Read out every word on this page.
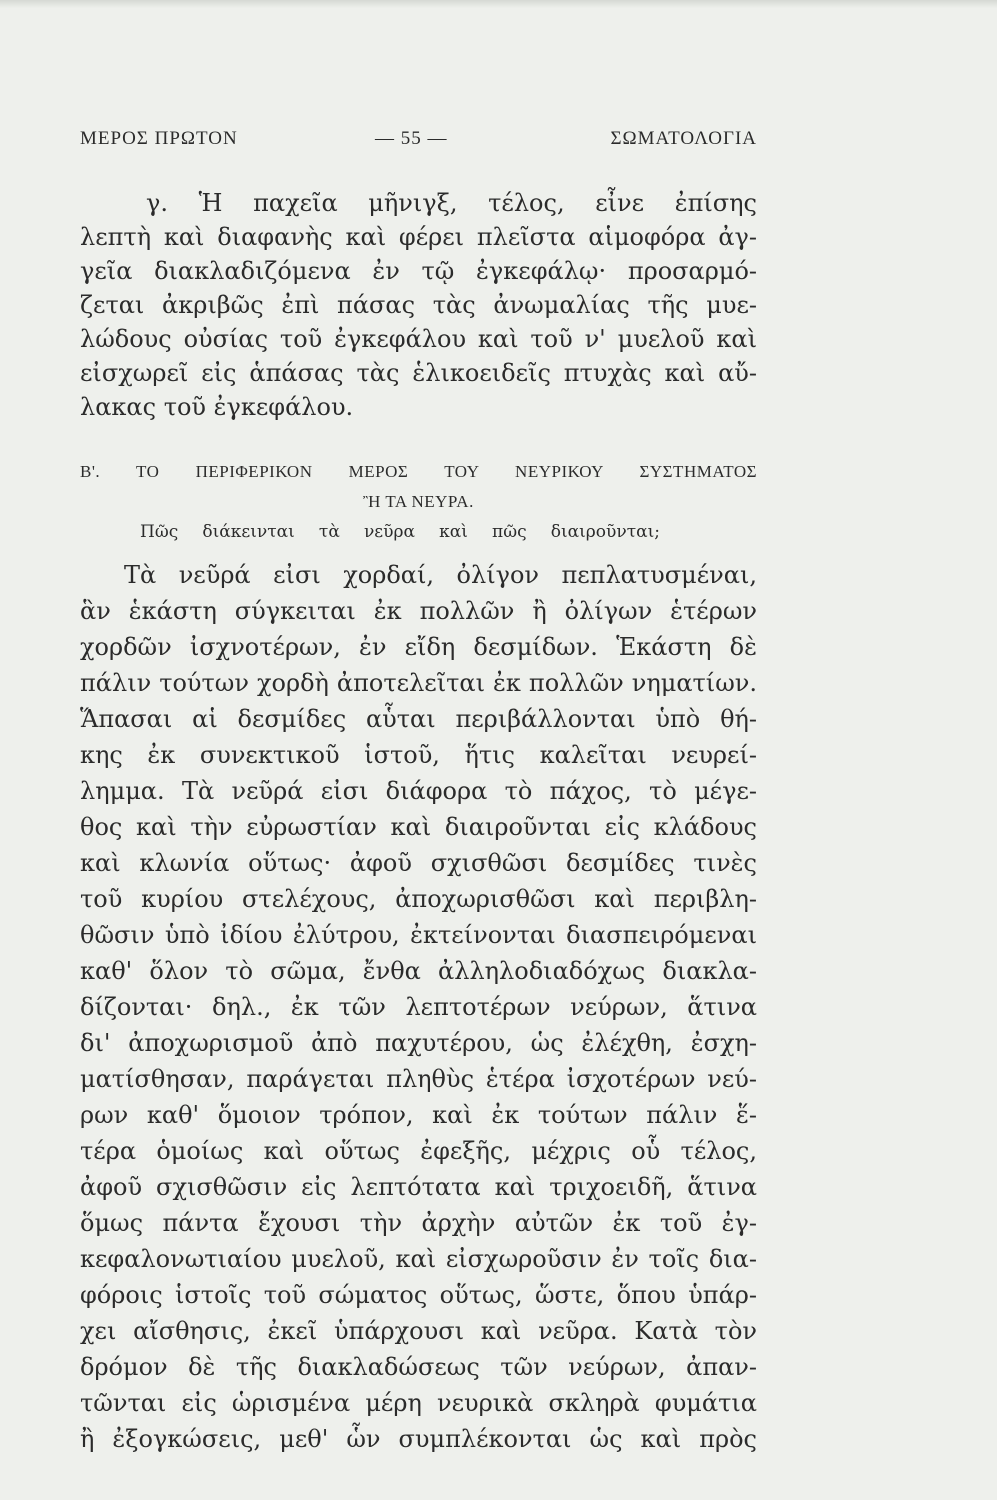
ΜΕΡΟΣ ΠΡΩΤΟΝ	— 55 —	ΣΩΜΑΤΟΛΟΓΙΑ
γ. Ἡ παχεῖα μῆνιγξ, τέλος, εἶνε ἐπίσης
λεπτὴ καὶ διαφανὴς καὶ φέρει πλεῖστα αἱμοφόρα ἀγ-
γεῖα διακλαδιζόμενα ἐν τῷ ἐγκεφάλῳ· προσαρμό-
ζεται ἀκριβῶς ἐπὶ πάσας τὰς ἀνωμαλίας τῆς μυε-
λώδους οὐσίας τοῦ ἐγκεφάλου καὶ τοῦ ν' μυελοῦ καὶ
εἰσχωρεῖ εἰς ἁπάσας τὰς ἑλικοειδεῖς πτυχὰς καὶ αὔ-
λακας τοῦ ἐγκεφάλου.
Β'. ΤΟ ΠΕΡΙΦΕΡΙΚΟΝ ΜΕΡΟΣ ΤΟΥ ΝΕΥΡΙΚΟΥ ΣΥΣΤΗΜΑΤΟΣ
Ἢ ΤΑ ΝΕΥΡΑ.
Πῶς διάκεινται τὰ νεῦρα καὶ πῶς διαιροῦνται;
Τὰ νεῦρά εἰσι χορδαί, ὀλίγον πεπλατυσμέναι,
ἃν ἑκάστη σύγκειται ἐκ πολλῶν ἢ ὀλίγων ἑτέρων
χορδῶν ἰσχνοτέρων, ἐν εἴδη δεσμίδων. Ἑκάστη δὲ
πάλιν τούτων χορδὴ ἀποτελεῖται ἐκ πολλῶν νηματίων.
Ἅπασαι αἱ δεσμίδες αὗται περιβάλλονται ὑπὸ θή-
κης ἐκ συνεκτικοῦ ἱστοῦ, ἥτις καλεῖται νευρεί-
λημμα. Τὰ νεῦρά εἰσι διάφορα τὸ πάχος, τὸ μέγε-
θος καὶ τὴν εὐρωστίαν καὶ διαιροῦνται εἰς κλάδους
καὶ κλωνία οὕτως· ἀφοῦ σχισθῶσι δεσμίδες τινὲς
τοῦ κυρίου στελέχους, ἀποχωρισθῶσι καὶ περιβλη-
θῶσιν ὑπὸ ἰδίου ἐλύτρου, ἐκτείνονται διασπειρόμεναι
καθ' ὅλον τὸ σῶμα, ἔνθα ἀλληλοδιαδόχως διακλα-
δίζονται· δηλ., ἐκ τῶν λεπτοτέρων νεύρων, ἅτινα
δι' ἀποχωρισμοῦ ἀπὸ παχυτέρου, ὡς ἐλέχθη, ἐσχη-
ματίσθησαν, παράγεται πληθὺς ἑτέρα ἰσχοτέρων νεύ-
ρων καθ' ὅμοιον τρόπον, καὶ ἐκ τούτων πάλιν ἕ-
τέρα ὁμοίως καὶ οὕτως ἐφεξῆς, μέχρις οὗ τέλος,
ἀφοῦ σχισθῶσιν εἰς λεπτότατα καὶ τριχοειδῆ, ἅτινα
ὅμως πάντα ἔχουσι τὴν ἀρχὴν αὐτῶν ἐκ τοῦ ἐγ-
κεφαλονωτιαίου μυελοῦ, καὶ εἰσχωροῦσιν ἐν τοῖς δια-
φόροις ἱστοῖς τοῦ σώματος οὕτως, ὥστε, ὅπου ὑπάρ-
χει αἴσθησις, ἐκεῖ ὑπάρχουσι καὶ νεῦρα. Κατὰ τὸν
δρόμον δὲ τῆς διακλαδώσεως τῶν νεύρων, ἀπαν-
τῶνται εἰς ὡρισμένα μέρη νευρικὰ σκληρὰ φυμάτια
ἢ ἐξογκώσεις, μεθ' ὧν συμπλέκονται ὡς καὶ πρὸς
